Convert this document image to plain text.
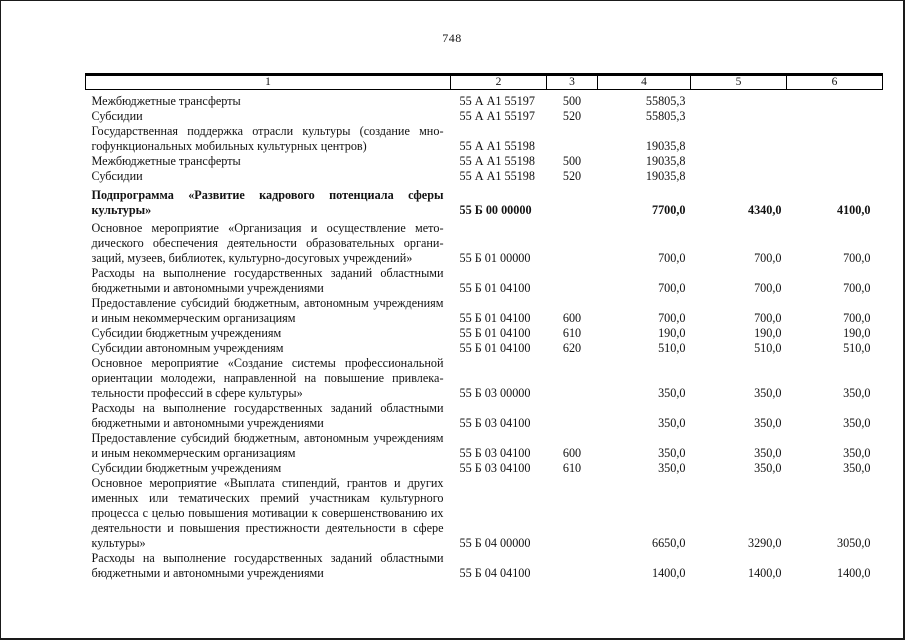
748
1	2	3	4	5	6
Межбюджетные трансферты	55 А А1 55197	500	55805,3		
Субсидии	55 А А1 55197	520	55805,3		
Государственная поддержка отрасли культуры (создание многофункциональных мобильных культурных центров)	55 А А1 55198		19035,8		
Межбюджетные трансферты	55 А А1 55198	500	19035,8		
Субсидии	55 А А1 55198	520	19035,8		
Подпрограмма «Развитие кадрового потенциала сферы культуры»	55 Б 00 00000		7700,0	4340,0	4100,0
Основное мероприятие «Организация и осуществление методического обеспечения деятельности образовательных организаций, музеев, библиотек, культурно-досуговых учреждений»	55 Б 01 00000		700,0	700,0	700,0
Расходы на выполнение государственных заданий областными бюджетными и автономными учреждениями	55 Б 01 04100		700,0	700,0	700,0
Предоставление субсидий бюджетным, автономным учреждениям и иным некоммерческим организациям	55 Б 01 04100	600	700,0	700,0	700,0
Субсидии бюджетным учреждениям	55 Б 01 04100	610	190,0	190,0	190,0
Субсидии автономным учреждениям	55 Б 01 04100	620	510,0	510,0	510,0
Основное мероприятие «Создание системы профессиональной ориентации молодежи, направленной на повышение привлекательности профессий в сфере культуры»	55 Б 03 00000		350,0	350,0	350,0
Расходы на выполнение государственных заданий областными бюджетными и автономными учреждениями	55 Б 03 04100		350,0	350,0	350,0
Предоставление субсидий бюджетным, автономным учреждениям и иным некоммерческим организациям	55 Б 03 04100	600	350,0	350,0	350,0
Субсидии бюджетным учреждениям	55 Б 03 04100	610	350,0	350,0	350,0
Основное мероприятие «Выплата стипендий, грантов и других именных или тематических премий участникам культурного процесса с целью повышения мотивации к совершенствованию их деятельности и повышения престижности деятельности в сфере культуры»	55 Б 04 00000		6650,0	3290,0	3050,0
Расходы на выполнение государственных заданий областными бюджетными и автономными учреждениями	55 Б 04 04100		1400,0	1400,0	1400,0
